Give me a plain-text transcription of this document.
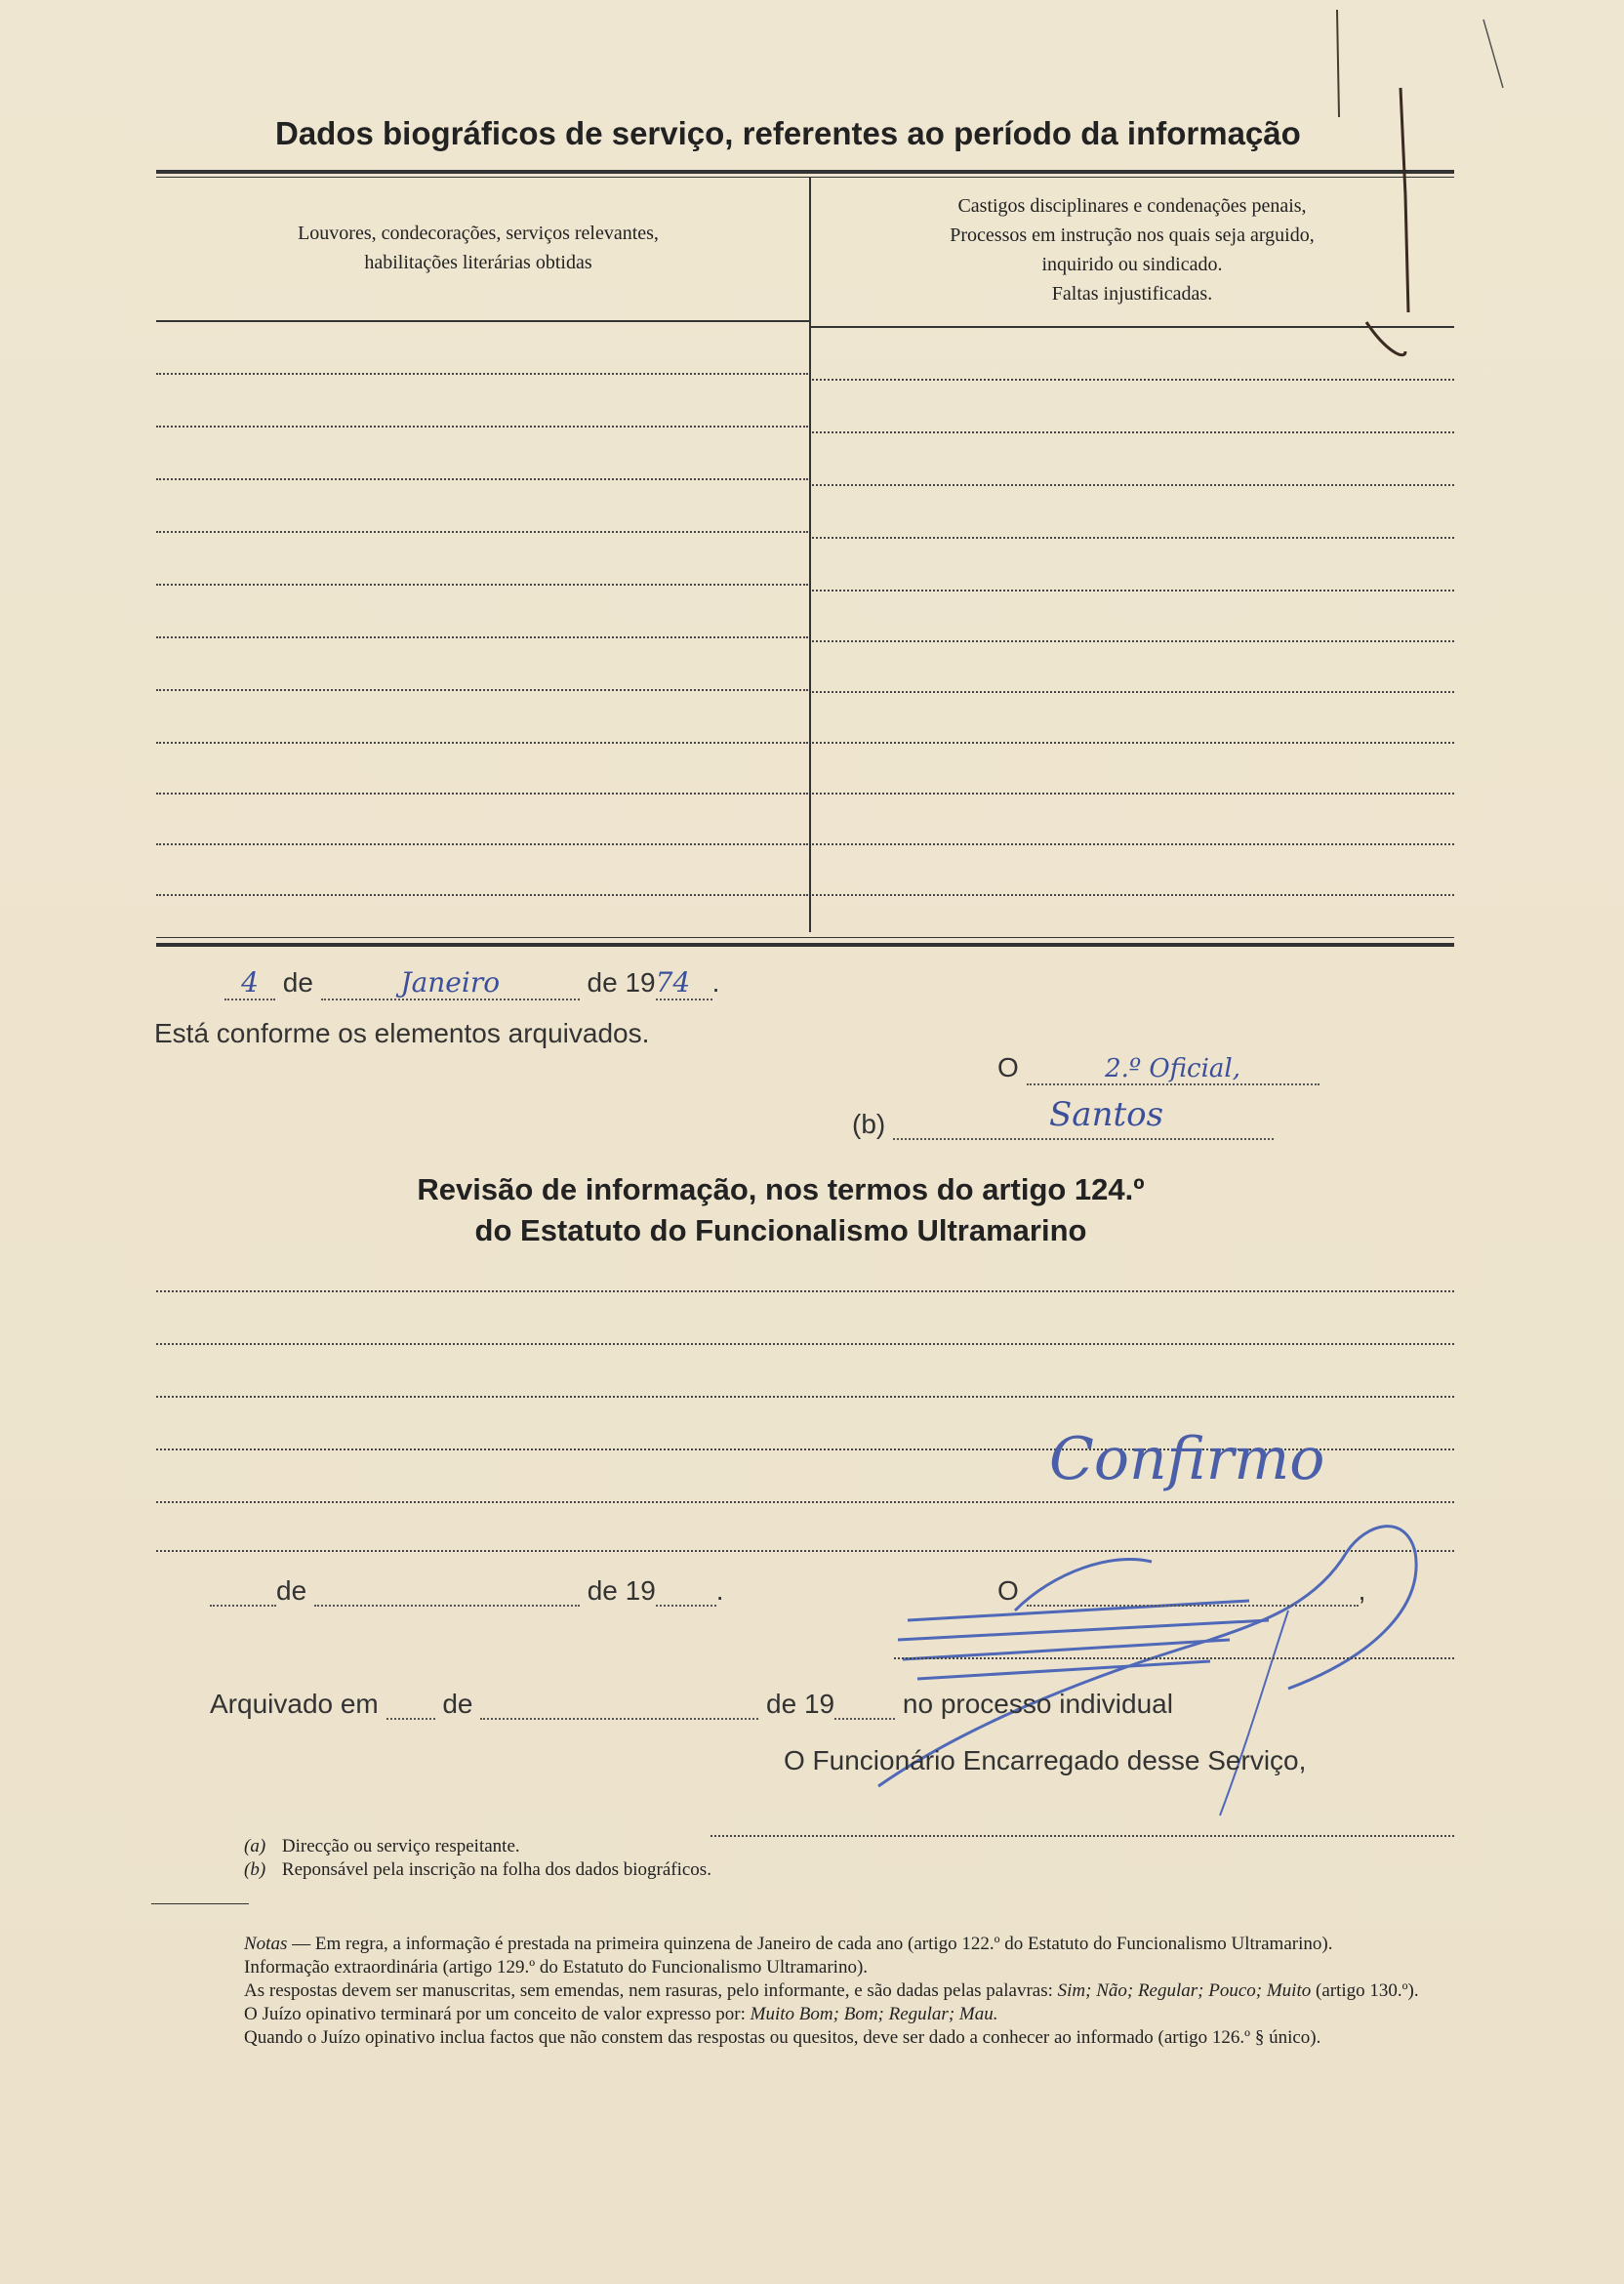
Dados biográficos de serviço, referentes ao período da informação
Louvores, condecorações, serviços relevantes,
habilitações literárias obtidas
Castigos disciplinares e condenações penais,
Processos em instrução nos quais seja arguido,
inquirido ou sindicado.
Faltas injustificadas.
4 de	Janeiro	de 1974 .
Está conforme os elementos arquivados.
O	2.º Oficial,
(b)	Santos
Revisão de informação, nos termos do artigo 124.º
do Estatuto do Funcionalismo Ultramarino
Confirmo
de	de 19 .	O	,
Arquivado em de	de 19 no processo individual
O Funcionário Encarregado desse Serviço,
(a) Direcção ou serviço respeitante.
(b) Reponsável pela inscrição na folha dos dados biográficos.

Notas — Em regra, a informação é prestada na primeira quinzena de Janeiro de cada ano (artigo 122.º do Estatuto do Funcionalismo Ultramarino).

Informação extraordinária (artigo 129.º do Estatuto do Funcionalismo Ultramarino).

As respostas devem ser manuscritas, sem emendas, nem rasuras, pelo informante, e são dadas pelas palavras: Sim; Não; Regular; Pouco; Muito (artigo 130.º).

O Juízo opinativo terminará por um conceito de valor expresso por: Muito Bom; Bom; Regular; Mau.

Quando o Juízo opinativo inclua factos que não constem das respostas ou quesitos, deve ser dado a conhecer ao informado (artigo 126.º § único).
